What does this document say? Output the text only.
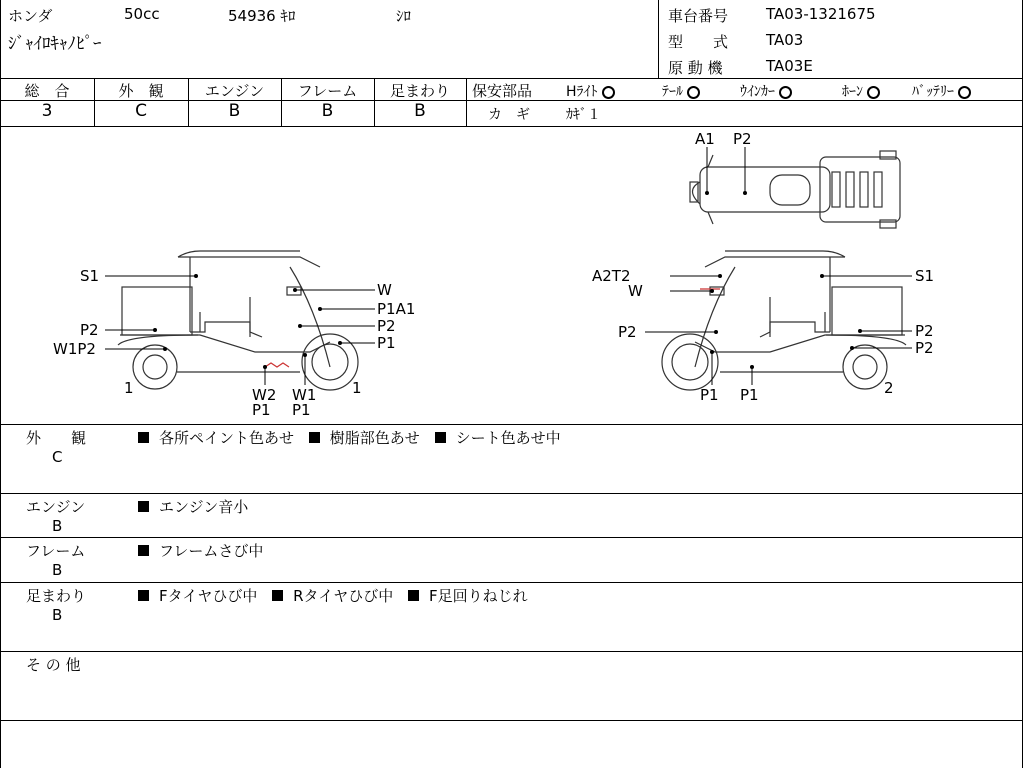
ホンダ	50cc	54936 ｷﾛ	ｼﾛ
ｼﾞｬｲﾛｷｬﾉﾋﾟｰ
車台番号	TA03-1321675
型　　式	TA03
原 動 機	TA03E
総　合	外　観	エンジン	フレーム	足まわり
3	C	B	B	B
保安部品 Hﾗｲﾄ	ﾃｰﾙ	ｳｲﾝｶｰ	ﾎｰﾝ	ﾊﾞｯﾃﾘｰ
カ　ギ	ｶｷﾞ１
A1 P2
S1
P2
W1P2
W
P1A1
P2
P1
W2
P1
W1
P1
1	1
A2T2
W
P2
S1
P2
P2
P1 P1	2
外　　観
C
各所ペイント色あせ 樹脂部色あせ シート色あせ中
エンジン
B
エンジン音小
フレーム
B
フレームさび中
足まわり
B
Fタイヤひび中 Rタイヤひび中 F足回りねじれ
そ の 他
